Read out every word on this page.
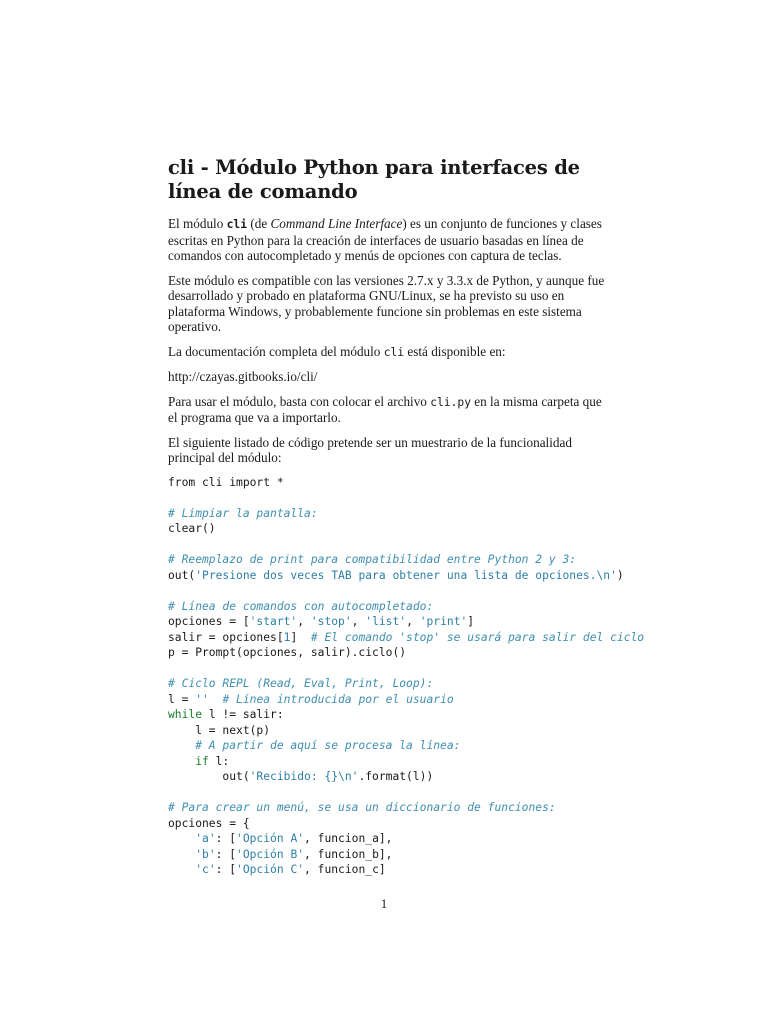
cli - Módulo Python para interfaces de línea de comando

El módulo cli (de Command Line Interface) es un conjunto de funciones y clases escritas en Python para la creación de interfaces de usuario basadas en línea de comandos con autocompletado y menús de opciones con captura de teclas.

Este módulo es compatible con las versiones 2.7.x y 3.3.x de Python, y aunque fue desarrollado y probado en plataforma GNU/Linux, se ha previsto su uso en plataforma Windows, y probablemente funcione sin problemas en este sistema operativo.

La documentación completa del módulo cli está disponible en:

http://czayas.gitbooks.io/cli/

Para usar el módulo, basta con colocar el archivo cli.py en la misma carpeta que el programa que va a importarlo.

El siguiente listado de código pretende ser un muestrario de la funcionalidad principal del módulo:

from cli import *
# Limpiar la pantalla:
clear()
# Reemplazo de print para compatibilidad entre Python 2 y 3:
out('Presione dos veces TAB para obtener una lista de opciones.\n')
# Línea de comandos con autocompletado:
opciones = ['start', 'stop', 'list', 'print']
salir = opciones[1]  # El comando 'stop' se usará para salir del ciclo
p = Prompt(opciones, salir).ciclo()
# Ciclo REPL (Read, Eval, Print, Loop):
l = '' # Línea introducida por el usuario
while l != salir:
l = next(p)
# A partir de aquí se procesa la línea:
if l:
out('Recibido: {}\n'.format(l))
# Para crear un menú, se usa un diccionario de funciones:
opciones = {
'a': ['Opción A', funcion_a],
'b': ['Opción B', funcion_b],
'c': ['Opción C', funcion_c]
1
